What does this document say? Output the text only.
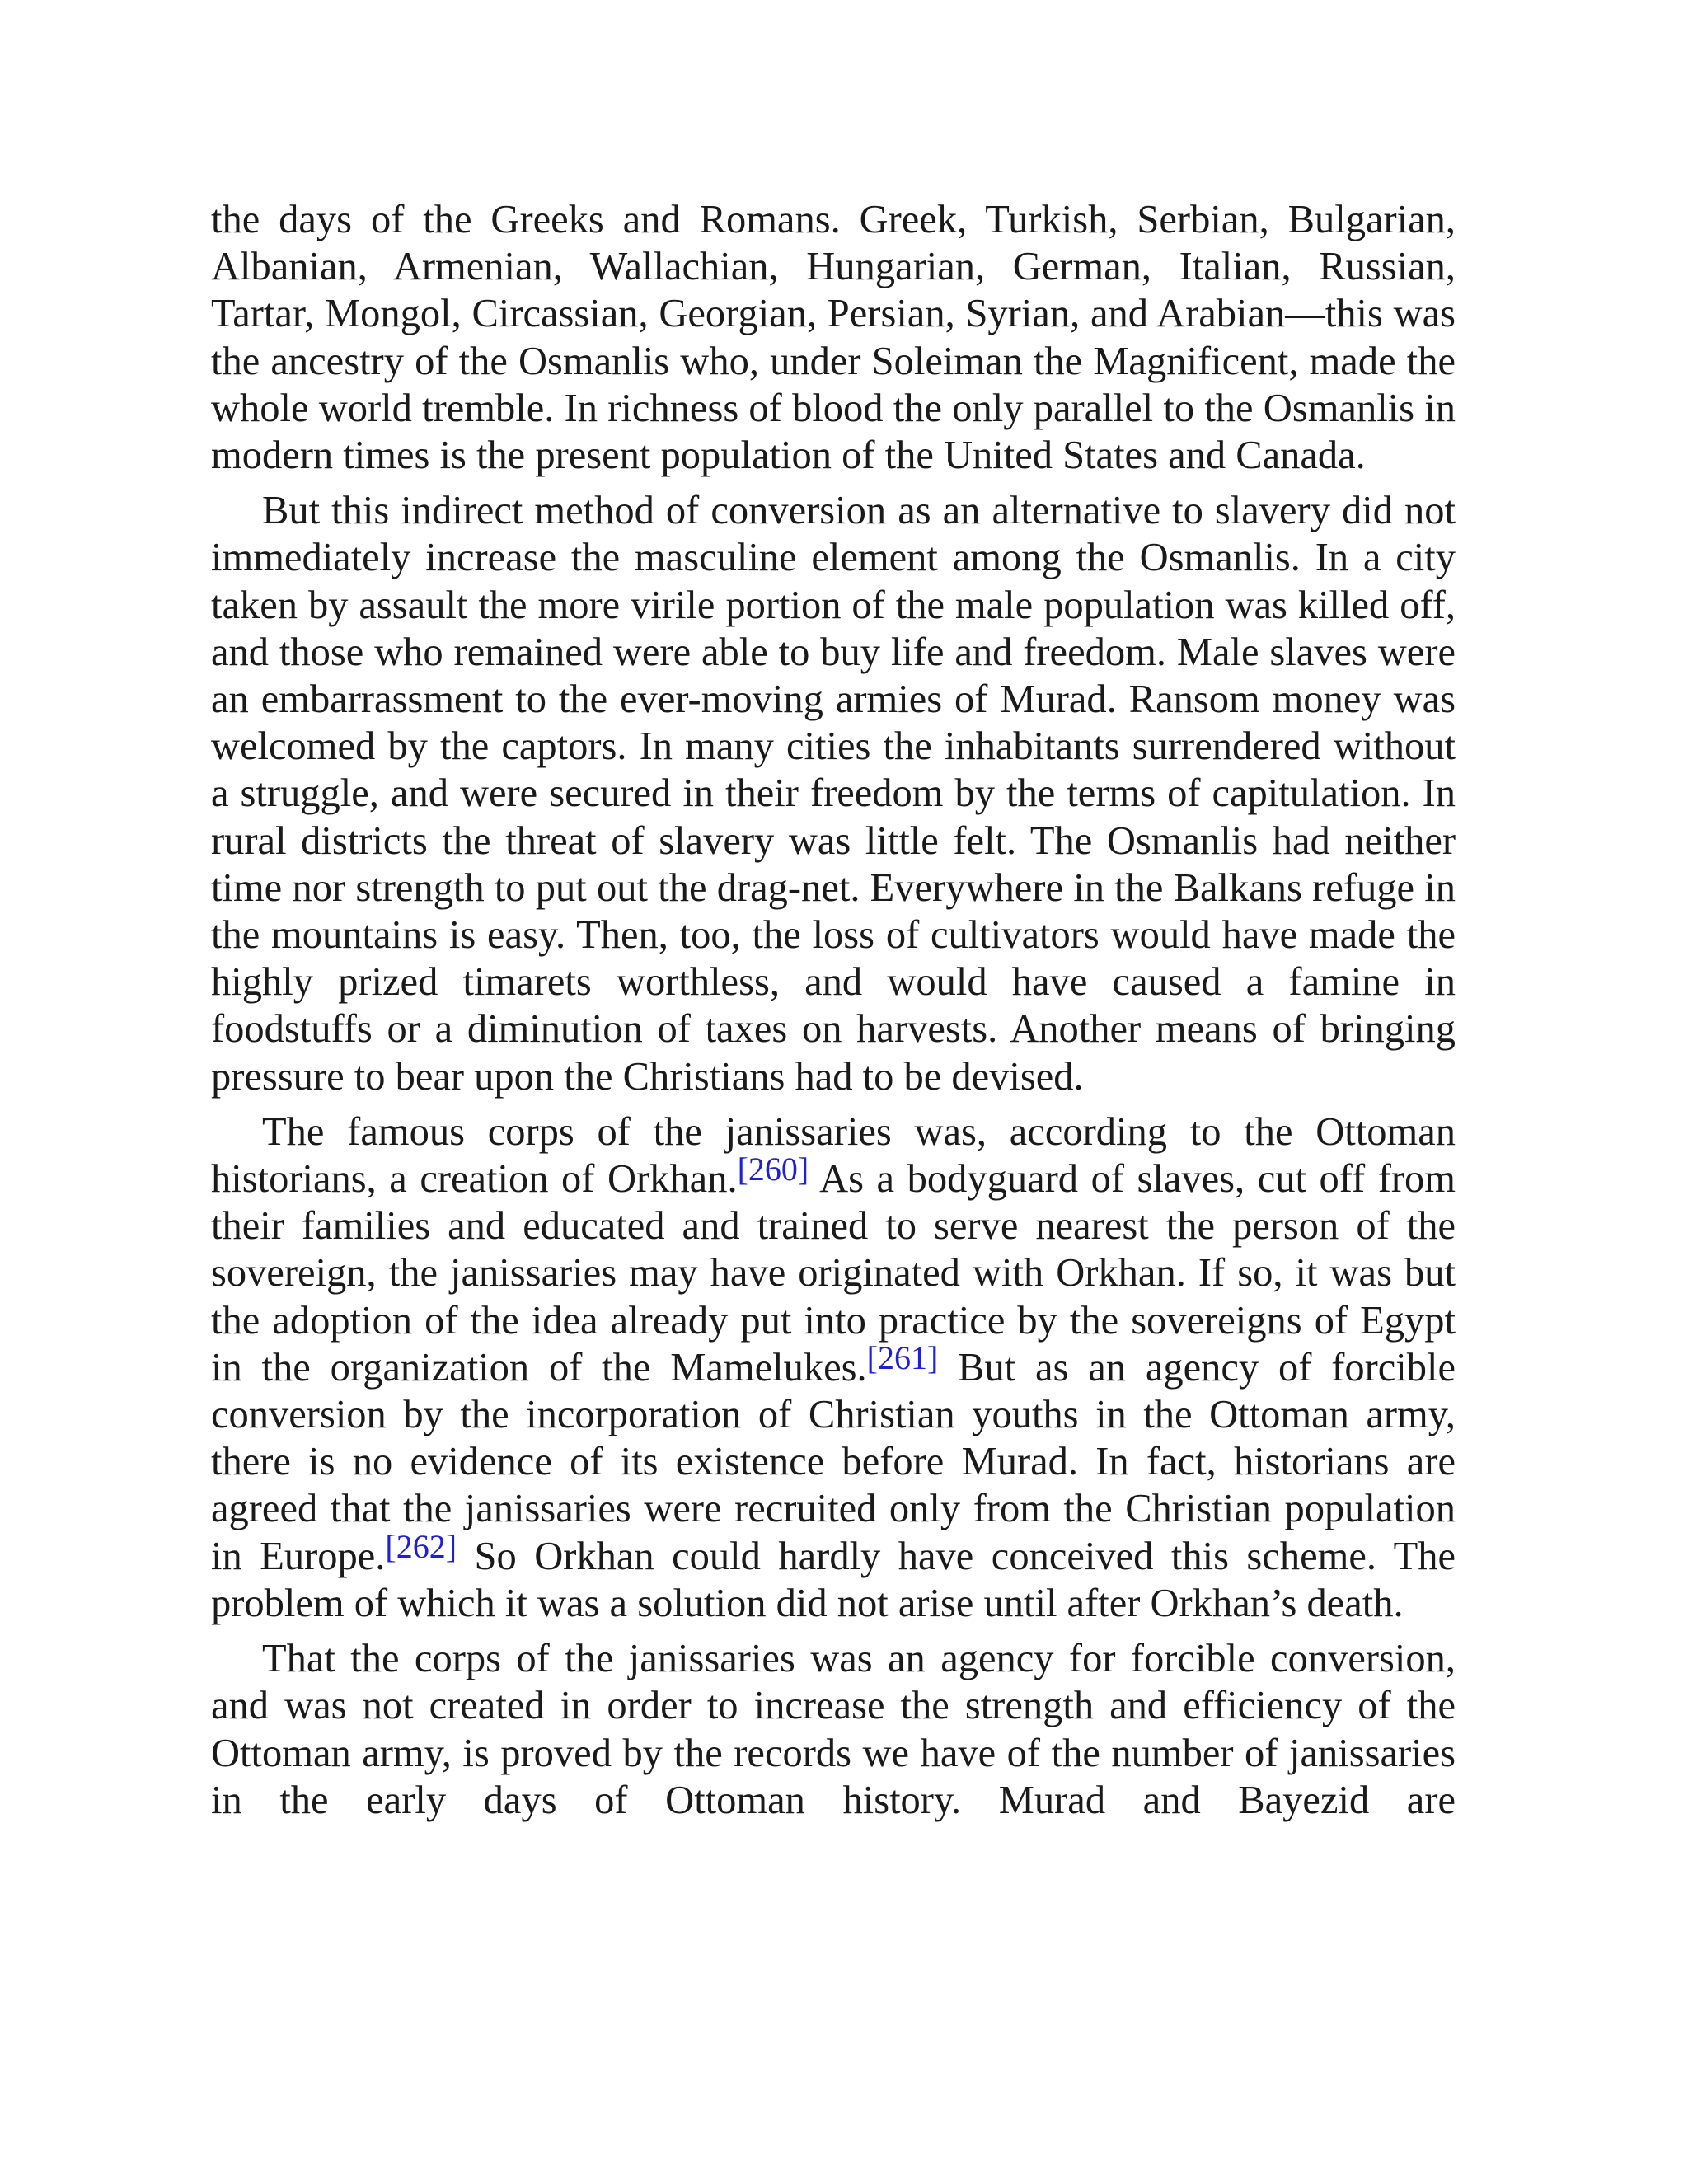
the days of the Greeks and Romans. Greek, Turkish, Serbian, Bulgarian, Albanian, Armenian, Wallachian, Hungarian, German, Italian, Russian, Tartar, Mongol, Circassian, Georgian, Persian, Syrian, and Arabian—this was the ancestry of the Osmanlis who, under Soleiman the Magnificent, made the whole world tremble. In richness of blood the only parallel to the Osmanlis in modern times is the present population of the United States and Canada.

But this indirect method of conversion as an alternative to slavery did not immediately increase the masculine element among the Osmanlis. In a city taken by assault the more virile portion of the male population was killed off, and those who remained were able to buy life and freedom. Male slaves were an embarrassment to the ever-moving armies of Murad. Ransom money was welcomed by the captors. In many cities the inhabitants surrendered without a struggle, and were secured in their freedom by the terms of capitulation. In rural districts the threat of slavery was little felt. The Osmanlis had neither time nor strength to put out the drag-net. Everywhere in the Balkans refuge in the mountains is easy. Then, too, the loss of cultivators would have made the highly prized timarets worthless, and would have caused a famine in foodstuffs or a diminution of taxes on harvests. Another means of bringing pressure to bear upon the Christians had to be devised.

The famous corps of the janissaries was, according to the Ottoman historians, a creation of Orkhan.[260] As a bodyguard of slaves, cut off from their families and educated and trained to serve nearest the person of the sovereign, the janissaries may have originated with Orkhan. If so, it was but the adoption of the idea already put into practice by the sovereigns of Egypt in the organization of the Mamelukes.[261] But as an agency of forcible conversion by the incorporation of Christian youths in the Ottoman army, there is no evidence of its existence before Murad. In fact, historians are agreed that the janissaries were recruited only from the Christian population in Europe.[262] So Orkhan could hardly have conceived this scheme. The problem of which it was a solution did not arise until after Orkhan’s death.

That the corps of the janissaries was an agency for forcible conversion, and was not created in order to increase the strength and efficiency of the Ottoman army, is proved by the records we have of the number of janissaries in the early days of Ottoman history. Murad and Bayezid are
